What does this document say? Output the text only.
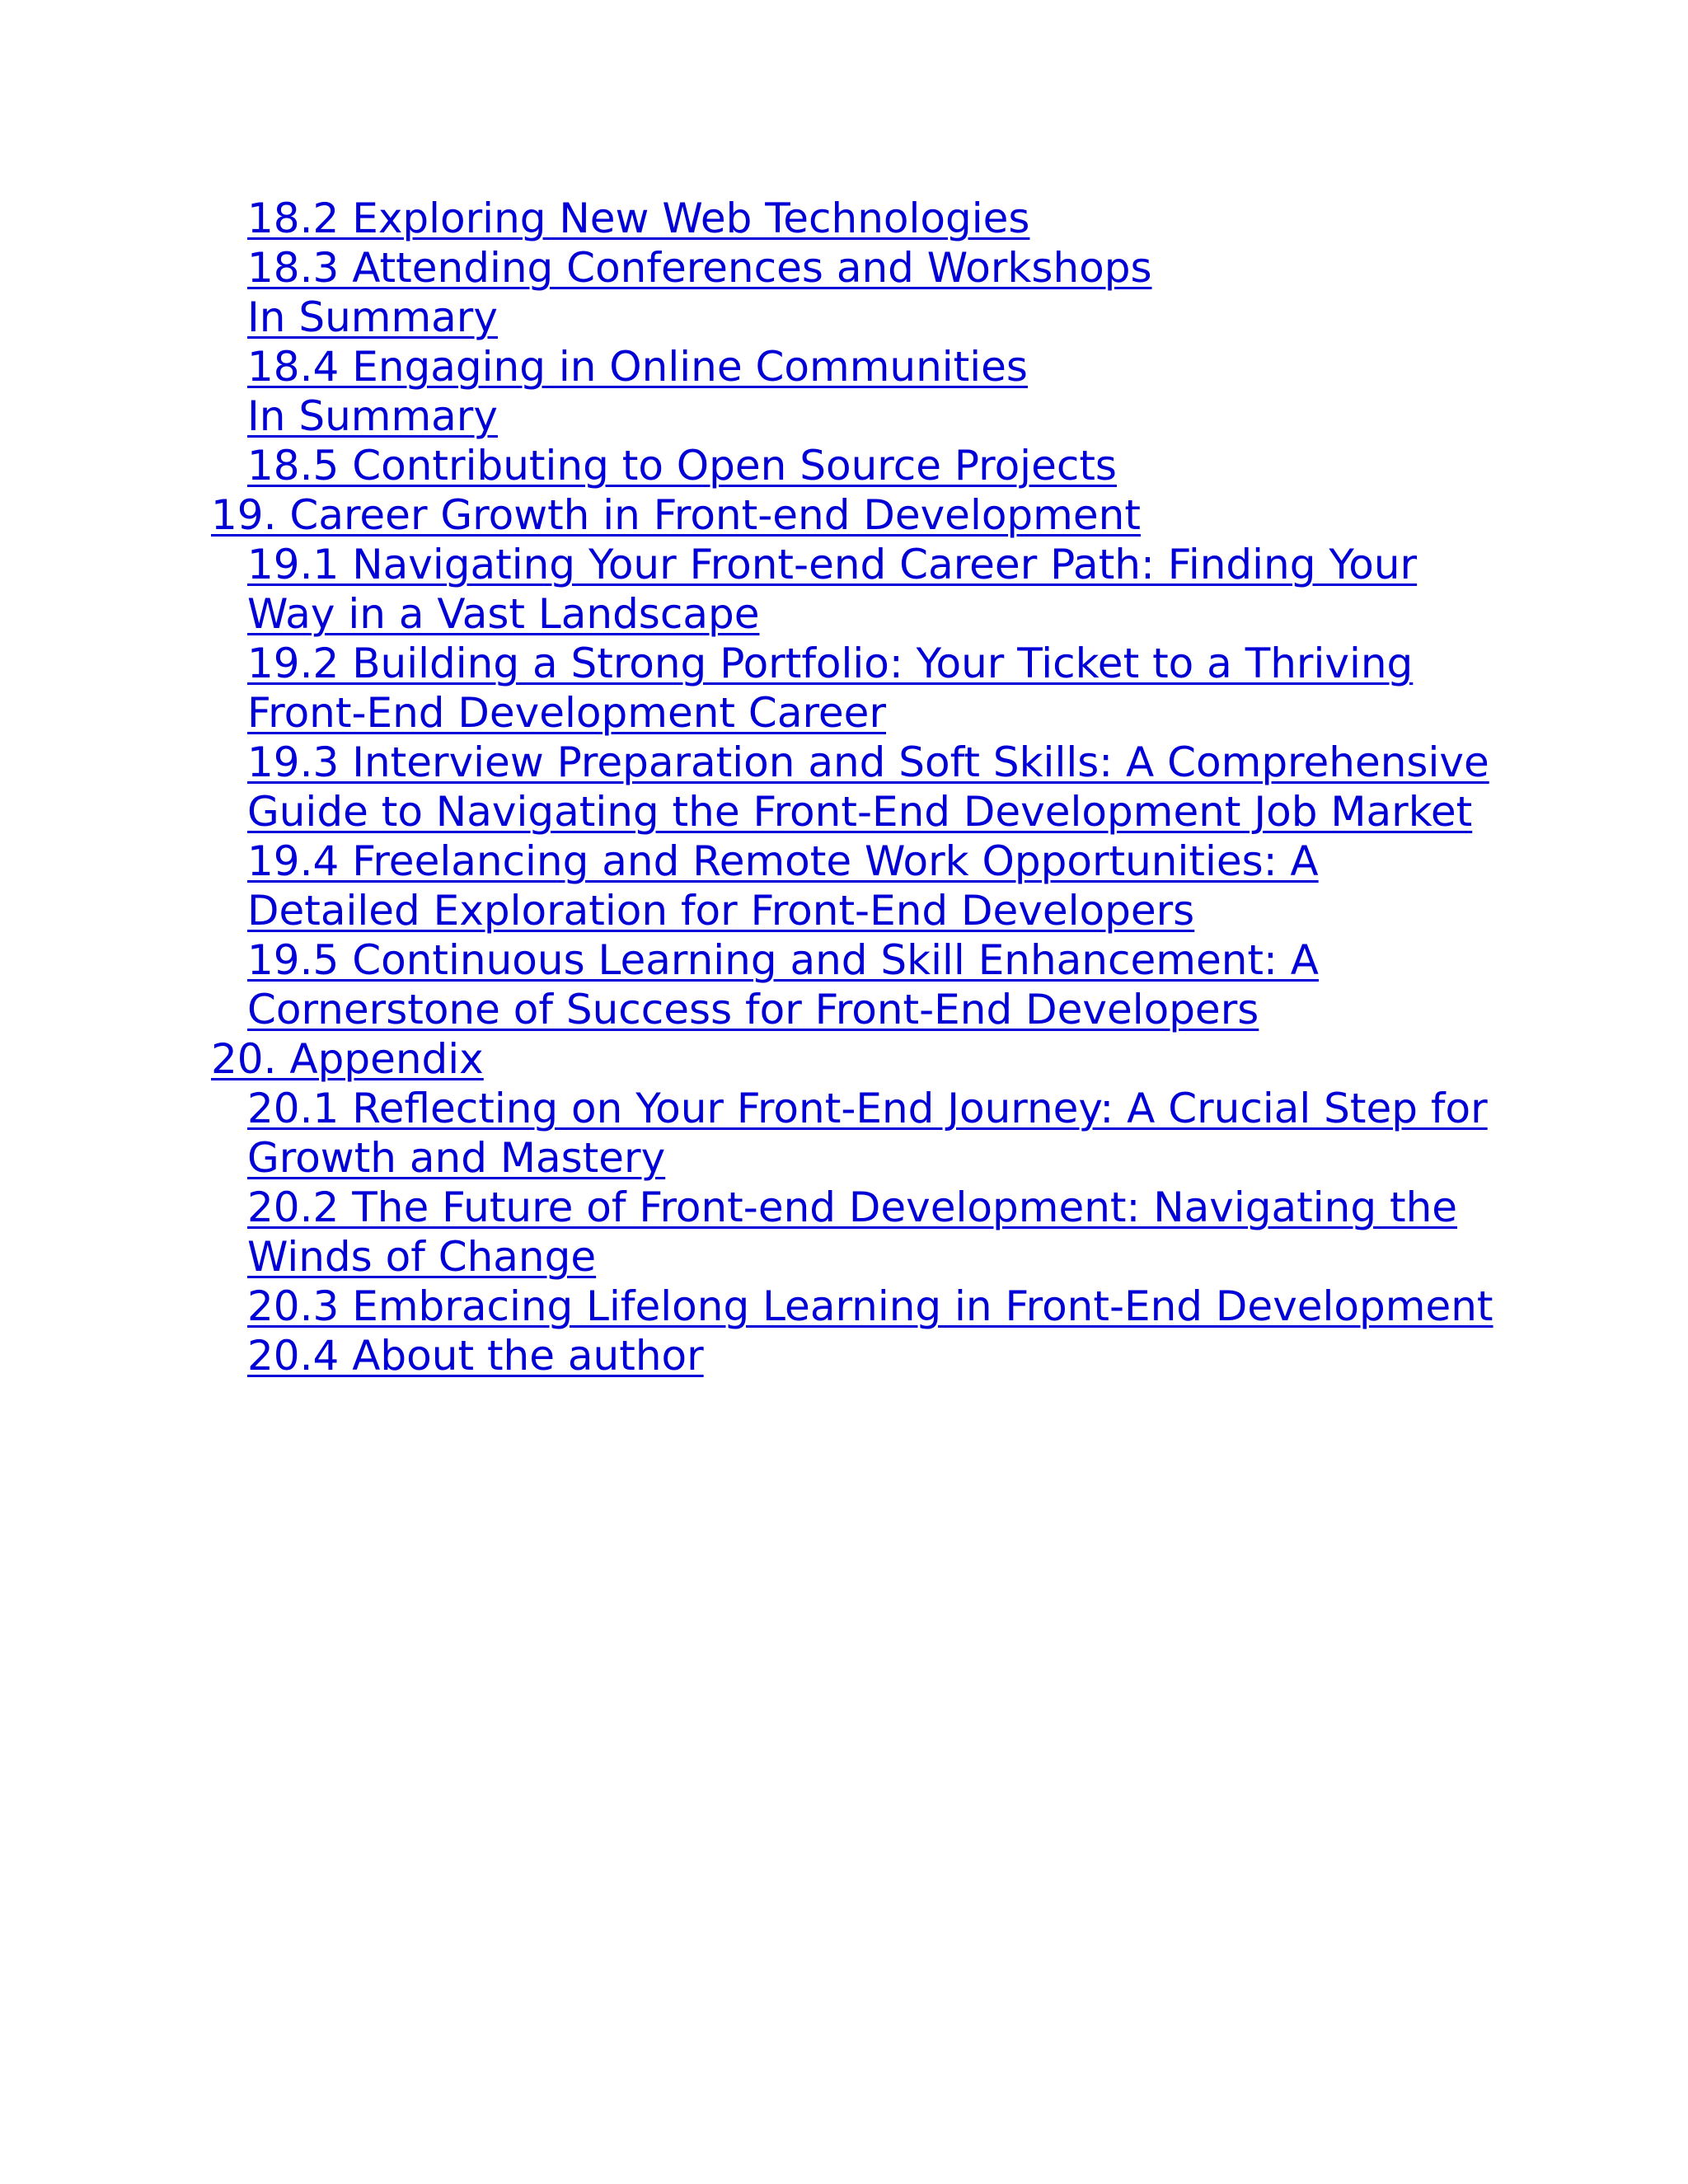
18.2 Exploring New Web Technologies
18.3 Attending Conferences and Workshops
In Summary
18.4 Engaging in Online Communities
In Summary
18.5 Contributing to Open Source Projects
19. Career Growth in Front-end Development
19.1 Navigating Your Front-end Career Path: Finding Your Way in a Vast Landscape
19.2 Building a Strong Portfolio: Your Ticket to a Thriving Front-End Development Career
19.3 Interview Preparation and Soft Skills: A Comprehensive Guide to Navigating the Front-End Development Job Market
19.4 Freelancing and Remote Work Opportunities: A Detailed Exploration for Front-End Developers
19.5 Continuous Learning and Skill Enhancement: A Cornerstone of Success for Front-End Developers
20. Appendix
20.1 Reflecting on Your Front-End Journey: A Crucial Step for Growth and Mastery
20.2 The Future of Front-end Development: Navigating the Winds of Change
20.3 Embracing Lifelong Learning in Front-End Development
20.4 About the author
